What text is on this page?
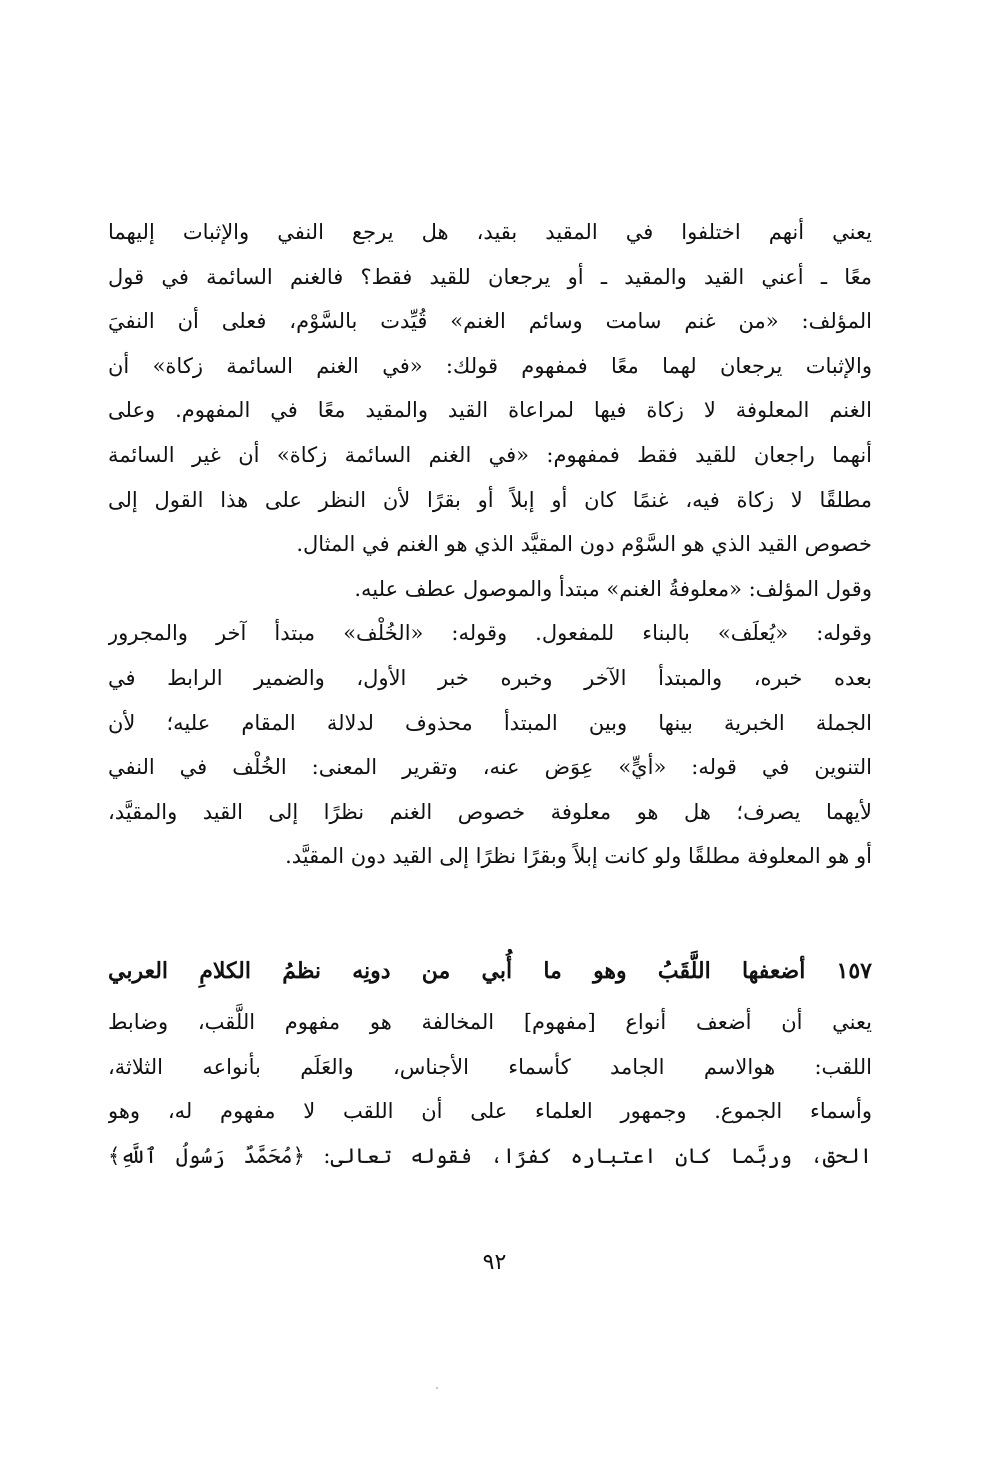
يعني أنهم اختلفوا في المقيد بقيد، هل يرجع النفي والإثبات إليهما
معًا ـ أعني القيد والمقيد ـ أو يرجعان للقيد فقط؟ فالغنم السائمة في قول
المؤلف: «من غنم سامت وسائم الغنم» قُيِّدت بالسَّوْم، فعلى أن النفيَ
والإثبات يرجعان لهما معًا فمفهوم قولك: «في الغنم السائمة زكاة» أن
الغنم المعلوفة لا زكاة فيها لمراعاة القيد والمقيد معًا في المفهوم. وعلى
أنهما راجعان للقيد فقط فمفهوم: «في الغنم السائمة زكاة» أن غير السائمة
مطلقًا لا زكاة فيه، غنمًا كان أو إبلاً أو بقرًا لأن النظر على هذا القول إلى
خصوص القيد الذي هو السَّوْم دون المقيَّد الذي هو الغنم في المثال.
وقول المؤلف: «معلوفةُ الغنم» مبتدأ والموصول عطف عليه.
وقوله: «يُعلَف» بالبناء للمفعول. وقوله: «الخُلْف» مبتدأ آخر والمجرور
بعده خبره، والمبتدأ الآخر وخبره خبر الأول، والضمير الرابط في
الجملة الخبرية بينها وبين المبتدأ محذوف لدلالة المقام عليه؛ لأن
التنوين في قوله: «أيٍّ» عِوَض عنه، وتقرير المعنى: الخُلْف في النفي
لأيهما يصرف؛ هل هو معلوفة خصوص الغنم نظرًا إلى القيد والمقيَّد،
أو هو المعلوفة مطلقًا ولو كانت إبلاً وبقرًا نظرًا إلى القيد دون المقيَّد.
١٥٧ أضعفها اللَّقَبُ وهو ما أُبي من دونِه نظمُ الكلامِ العربي
يعني أن أضعف أنواع [مفهوم] المخالفة هو مفهوم اللَّقب، وضابط
اللقب: هوالاسم الجامد كأسماء الأجناس، والعَلَم بأنواعه الثلاثة،
وأسماء الجموع. وجمهور العلماء على أن اللقب لا مفهوم له، وهو
الحق، وربَّما كان اعتباره كفرًا، فقوله تعالى: ﴿مُحَمَّدٌ رَسُولُ ٱللَّهِ﴾
٩٢
